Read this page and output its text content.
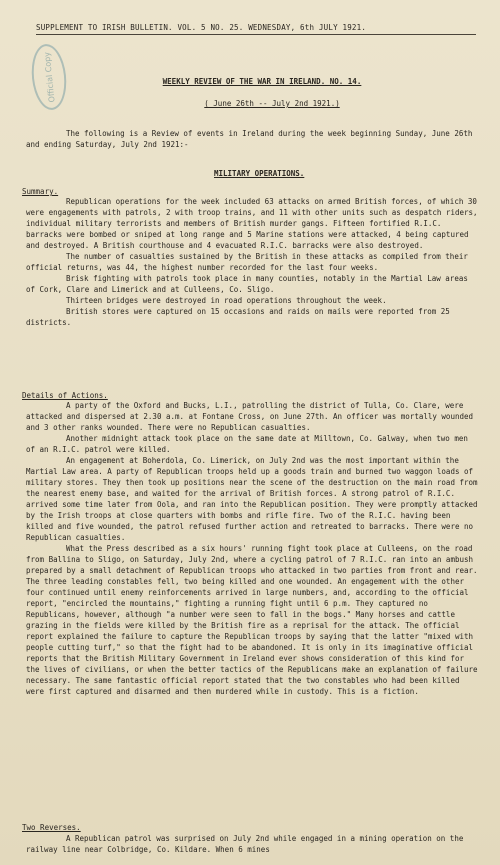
SUPPLEMENT TO IRISH BULLETIN. VOL. 5 NO. 25. WEDNESDAY, 6th JULY 1921.
Official Copy	WEEKLY REVIEW OF THE WAR IN IRELAND. NO. 14.
( June 26th -- July 2nd 1921.)

The following is a Review of events in Ireland during the week beginning Sunday, June 26th and ending Saturday, July 2nd 1921:-

MILITARY OPERATIONS.
Summary.

Republican operations for the week included 63 attacks on armed British forces, of which 30 were engagements with patrols, 2 with troop trains, and 11 with other units such as despatch riders, individual military terrorists and members of British murder gangs. Fifteen fortified R.I.C. barracks were bombed or sniped at long range and 5 Marine stations were attacked, 4 being captured and destroyed. A British courthouse and 4 evacuated R.I.C. barracks were also destroyed.

The number of casualties sustained by the British in these attacks as compiled from their official returns, was 44, the highest number recorded for the last four weeks.

Brisk fighting with patrols took place in many counties, notably in the Martial Law areas of Cork, Clare and Limerick and at Culleens, Co. Sligo.

Thirteen bridges were destroyed in road operations throughout the week.

British stores were captured on 15 occasions and raids on mails were reported from 25 districts.

Details of Actions.

A party of the Oxford and Bucks, L.I., patrolling the district of Tulla, Co. Clare, were attacked and dispersed at 2.30 a.m. at Fontane Cross, on June 27th. An officer was mortally wounded and 3 other ranks wounded. There were no Republican casualties.

Another midnight attack took place on the same date at Milltown, Co. Galway, when two men of an R.I.C. patrol were killed.

An engagement at Boherdola, Co. Limerick, on July 2nd was the most important within the Martial Law area. A party of Republican troops held up a goods train and burned two waggon loads of military stores. They then took up positions near the scene of the destruction on the main road from the nearest enemy base, and waited for the arrival of British forces. A strong patrol of R.I.C. arrived some time later from Oola, and ran into the Republican position. They were promptly attacked by the Irish troops at close quarters with bombs and rifle fire. Two of the R.I.C. having been killed and five wounded, the patrol refused further action and retreated to barracks. There were no Republican casualties.

What the Press described as a six hours' running fight took place at Culleens, on the road from Ballina to Sligo, on Saturday, July 2nd, where a cycling patrol of 7 R.I.C. ran into an ambush prepared by a small detachment of Republican troops who attacked in two parties from front and rear. The three leading constables fell, two being killed and one wounded. An engagement with the other four continued until enemy reinforcements arrived in large numbers, and, according to the official report, "encircled the mountains," fighting a running fight until 6 p.m. They captured no Republicans, however, although "a number were seen to fall in the bogs." Many horses and cattle grazing in the fields were killed by the British fire as a reprisal for the attack. The official report explained the failure to capture the Republican troops by saying that the latter "mixed with people cutting turf," so that the fight had to be abandoned. It is only in its imaginative official reports that the British Military Government in Ireland ever shows consideration of this kind for the lives of civilians, or when the better tactics of the Republicans make an explanation of failure necessary. The same fantastic official report stated that the two constables who had been killed were first captured and disarmed and then murdered while in custody. This is a fiction.

Two Reverses.

A Republican patrol was surprised on July 2nd while engaged in a mining operation on the railway line near Colbridge, Co. Kildare. When 6 mines
